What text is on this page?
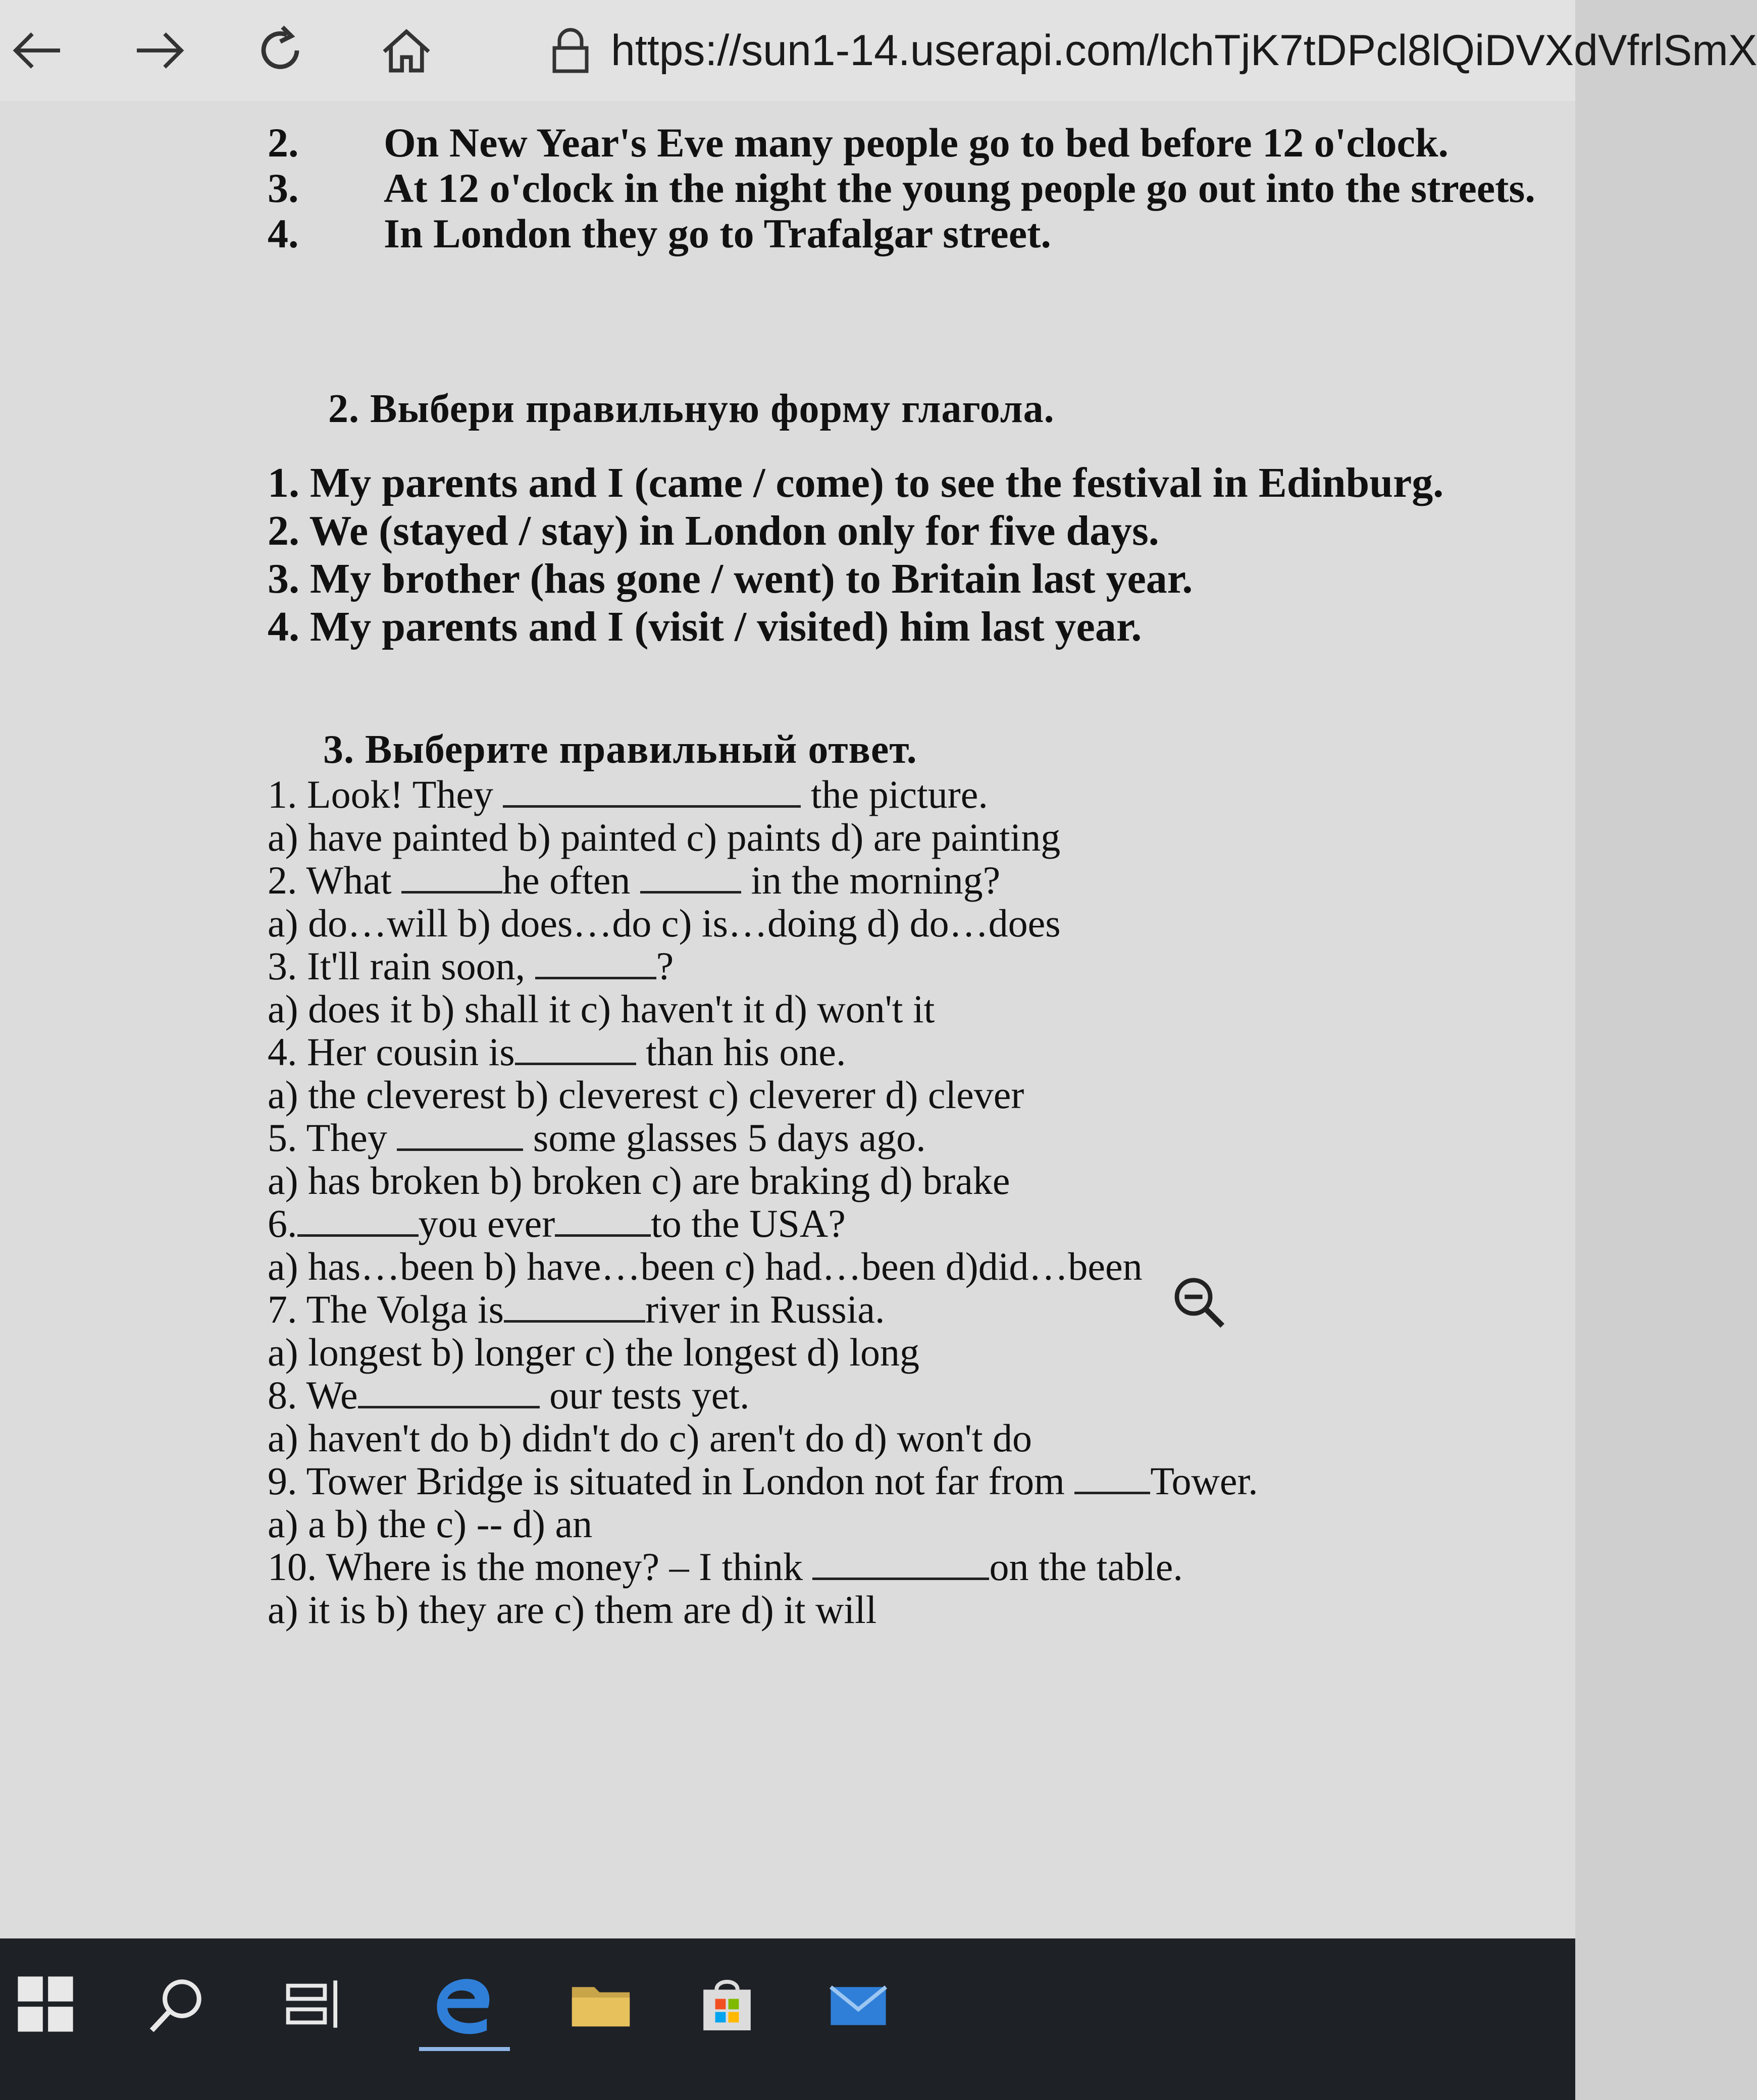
https://sun1-14.userapi.com/lchTjK7tDPcl8lQiDVXdVfrlSmX
2. On New Year's Eve many people go to bed before 12 o'clock.
3. At 12 o'clock in the night the young people go out into the streets.
4. In London they go to Trafalgar street.
2. Выбери правильную форму глагола.
1. My parents and I (came / come) to see the festival in Edinburg.
2. We (stayed / stay) in London only for five days.
3. My brother (has gone / went) to Britain last year.
4. My parents and I (visit / visited) him last year.
3. Выберите правильный ответ.
1. Look! They	the picture.
a) have painted b) painted c) paints d) are painting
2. What	he often	in the morning?
a) do…will b) does…do c) is…doing d) do…does
3. It'll rain soon,	?
a) does it b) shall it c) haven't it d) won't it
4. Her cousin is	than his one.
a) the cleverest b) cleverest c) cleverer d) clever
5. They	some glasses 5 days ago.
a) has broken b) broken c) are braking d) brake
6.	you ever to the USA?
a) has…been b) have…been c) had…been d)did…been
7. The Volga is	river in Russia.
a) longest b) longer c) the longest d) long
8. We	our tests yet.
a) haven't do b) didn't do c) aren't do d) won't do
9. Tower Bridge is situated in London not far from Tower.
a) a b) the c) -- d) an
10. Where is the money? – I think	on the table.
a) it is b) they are c) them are d) it will
